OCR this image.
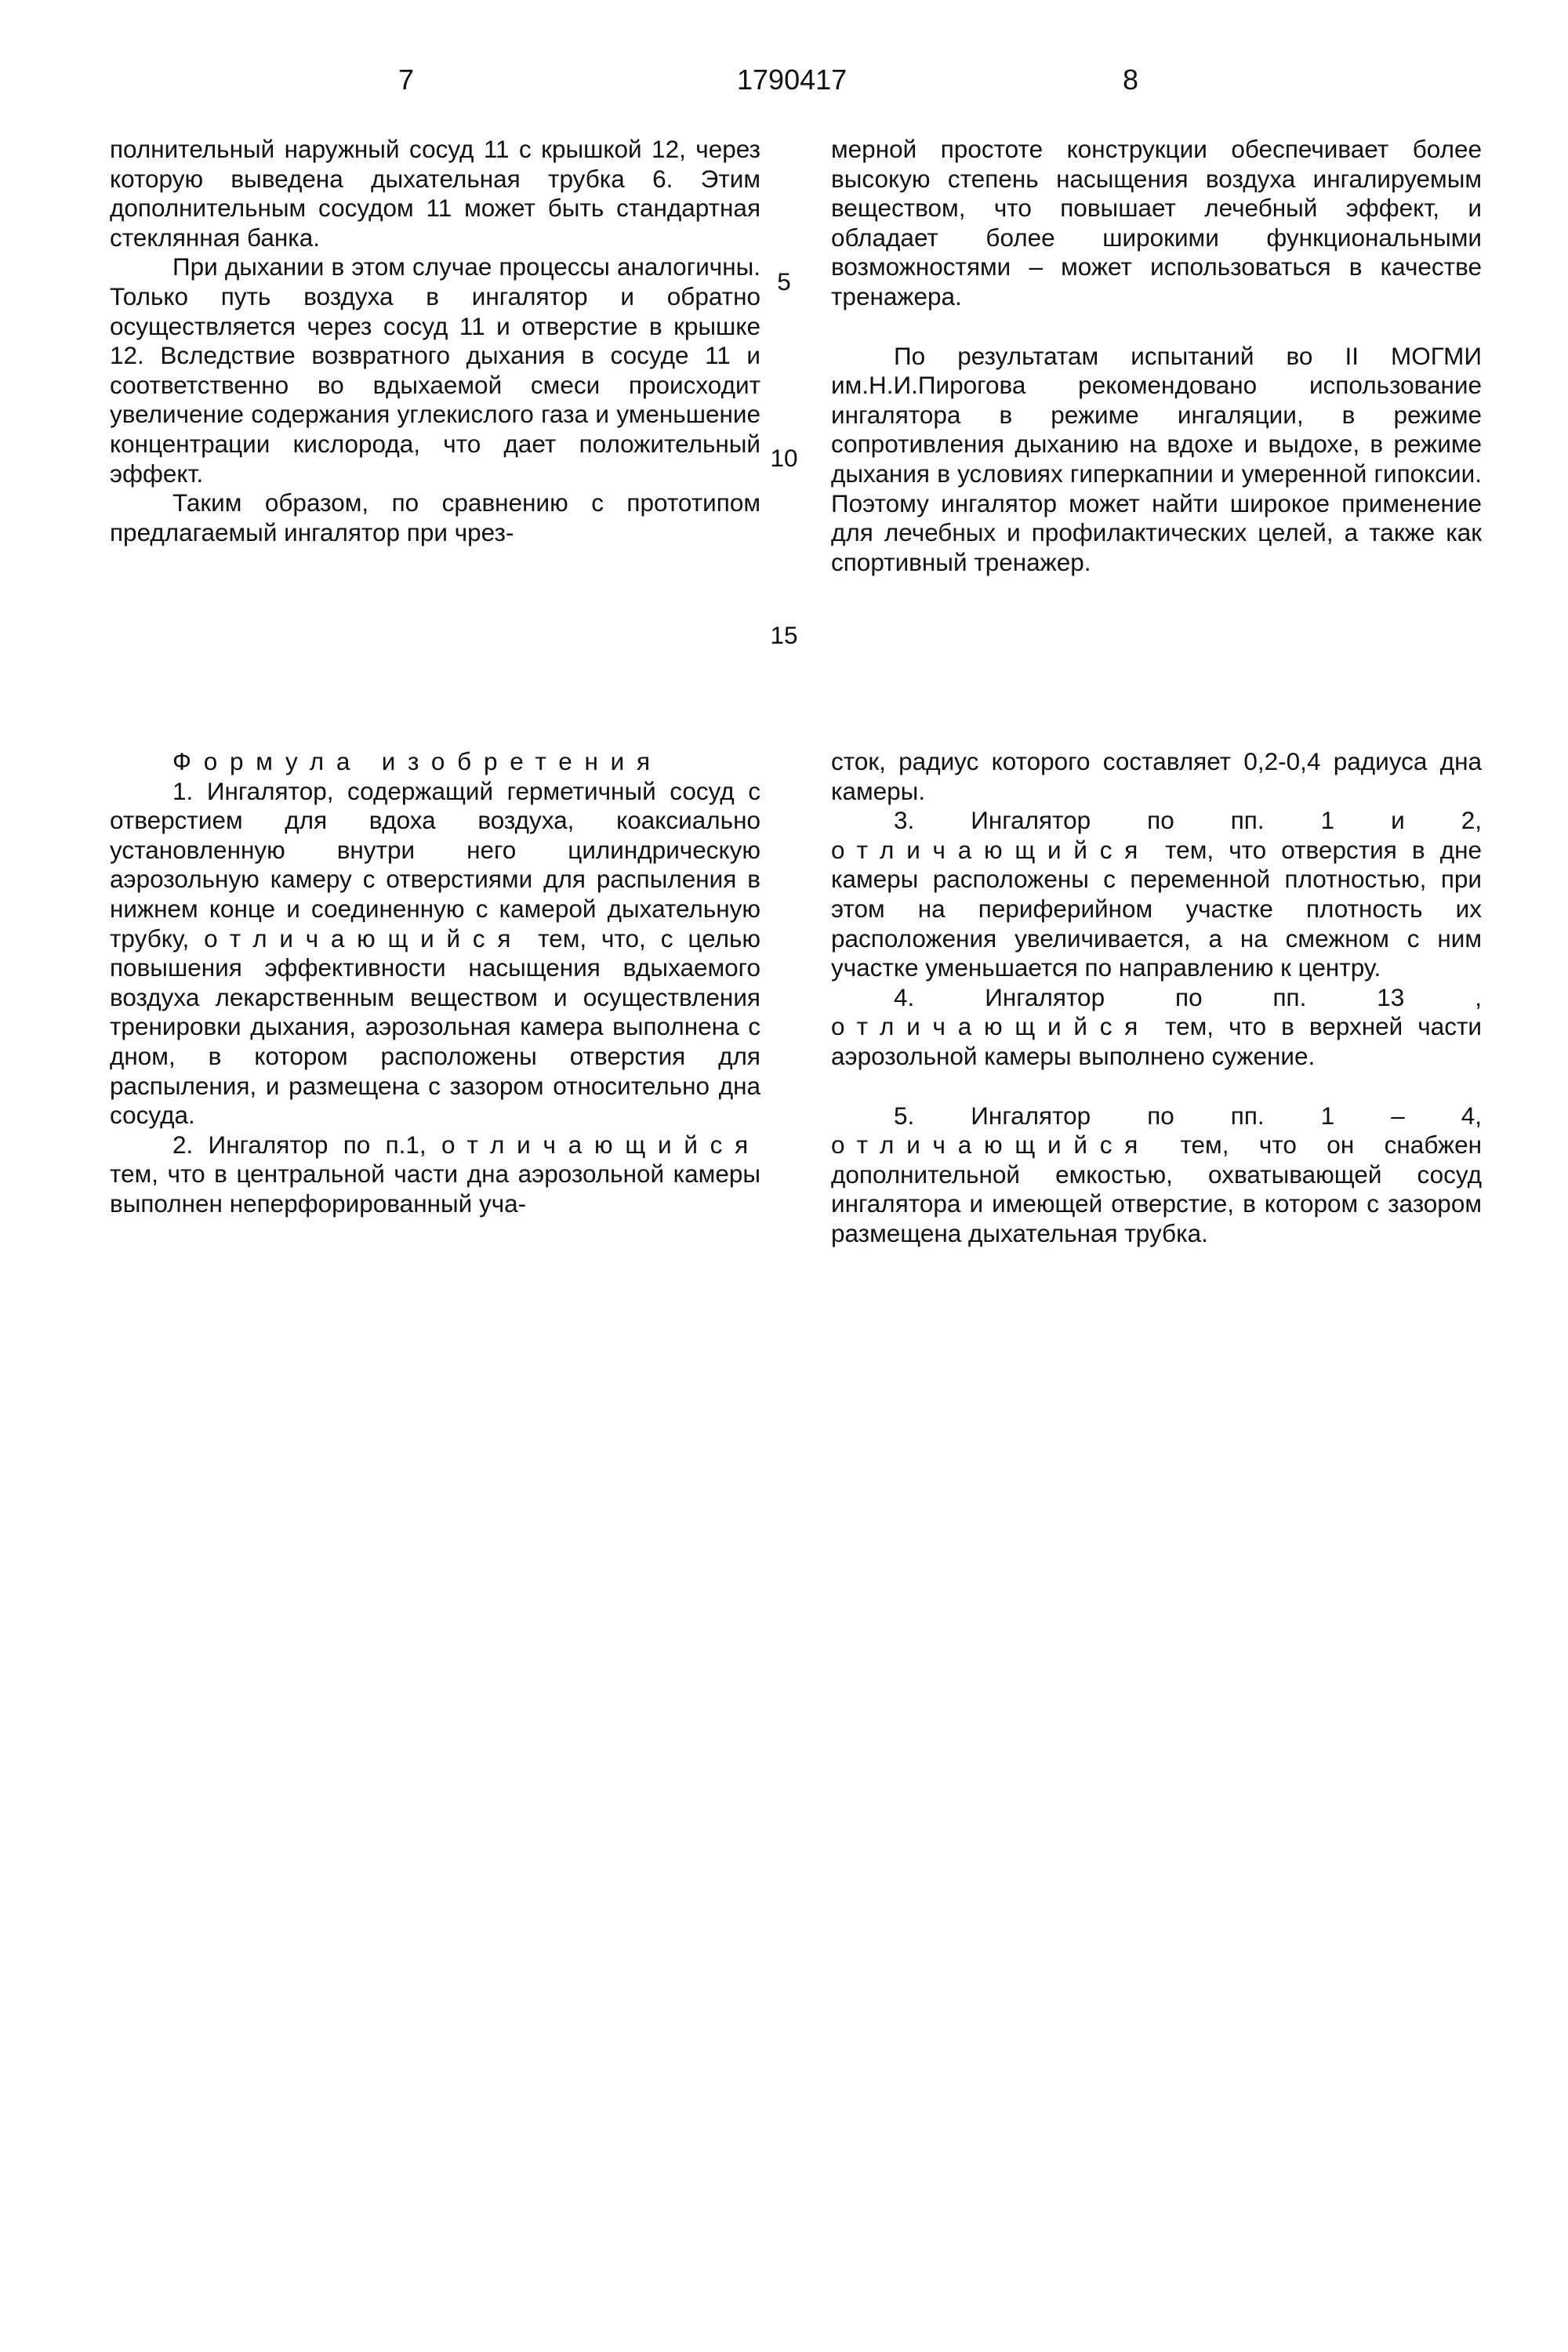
7	1790417	8

полнительный наружный сосуд 11 с крышкой 12, через которую выведена дыхательная трубка 6. Этим дополнительным сосудом 11 может быть стандартная стеклянная банка.

При дыхании в этом случае процессы аналогичны. Только путь воздуха в ингалятор и обратно осуществляется через сосуд 11 и отверстие в крышке 12. Вследствие возвратного дыхания в сосуде 11 и соответственно во вдыхаемой смеси происходит увеличение содержания углекислого газа и уменьшение концентрации кислорода, что дает положительный эффект.

Таким образом, по сравнению с прототипом предлагаемый ингалятор при чрез-

мерной простоте конструкции обеспечивает более высокую степень насыщения воздуха ингалируемым веществом, что повышает лечебный эффект, и обладает более широкими функциональными возможностями – может использоваться в качестве тренажера.

По результатам испытаний во II МОГМИ им.Н.И.Пирогова рекомендовано использование ингалятора в режиме ингаляции, в режиме сопротивления дыханию на вдохе и выдохе, в режиме дыхания в условиях гиперкапнии и умеренной гипоксии. Поэтому ингалятор может найти широкое применение для лечебных и профилактических целей, а также как спортивный тренажер.

5
10
15

Формула изобретения

1. Ингалятор, содержащий герметичный сосуд с отверстием для вдоха воздуха, коаксиально установленную внутри него цилиндрическую аэрозольную камеру с отверстиями для распыления в нижнем конце и соединенную с камерой дыхательную трубку, отличающийся тем, что, с целью повышения эффективности насыщения вдыхаемого воздуха лекарственным веществом и осуществления тренировки дыхания, аэрозольная камера выполнена с дном, в котором расположены отверстия для распыления, и размещена с зазором относительно дна сосуда.

2. Ингалятор по п.1, отличающийся тем, что в центральной части дна аэрозольной камеры выполнен неперфорированный уча-

сток, радиус которого составляет 0,2-0,4 радиуса дна камеры.

3. Ингалятор по пп. 1 и 2, отличающийся тем, что отверстия в дне камеры расположены с переменной плотностью, при этом на периферийном участке плотность их расположения увеличивается, а на смежном с ним участке уменьшается по направлению к центру.

4. Ингалятор по пп. 13 , отличающийся тем, что в верхней части аэрозольной камеры выполнено сужение.

5. Ингалятор по пп. 1 – 4, отличающийся тем, что он снабжен дополнительной емкостью, охватывающей сосуд ингалятора и имеющей отверстие, в котором с зазором размещена дыхательная трубка.
